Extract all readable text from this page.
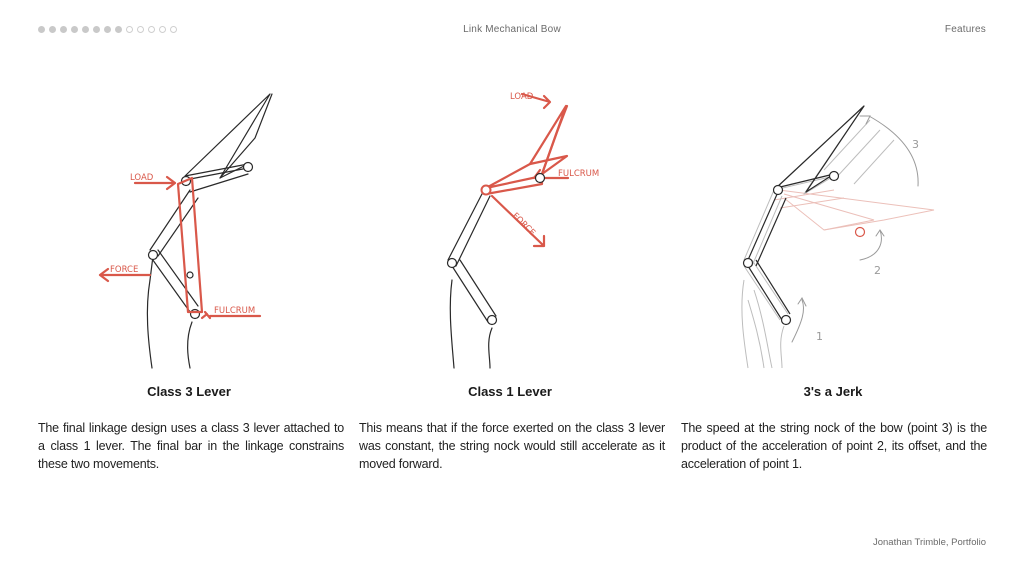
Link Mechanical Bow	Features
LOAD
FORCE
FULCRUM
LOAD
FULCRUM
FORCE
1
2
3
Class 3 Lever	Class 1 Lever	3's a Jerk
The final linkage design uses a class 3 lever attached to a class 1 lever. The final bar in the linkage constrains these two movements.
This means that if the force exerted on the class 3 lever was constant, the string nock would still accelerate as it moved forward.
The speed at the string nock of the bow (point 3) is the product of the acceleration of point 2, its offset, and the acceleration of point 1.
Jonathan Trimble, Portfolio
